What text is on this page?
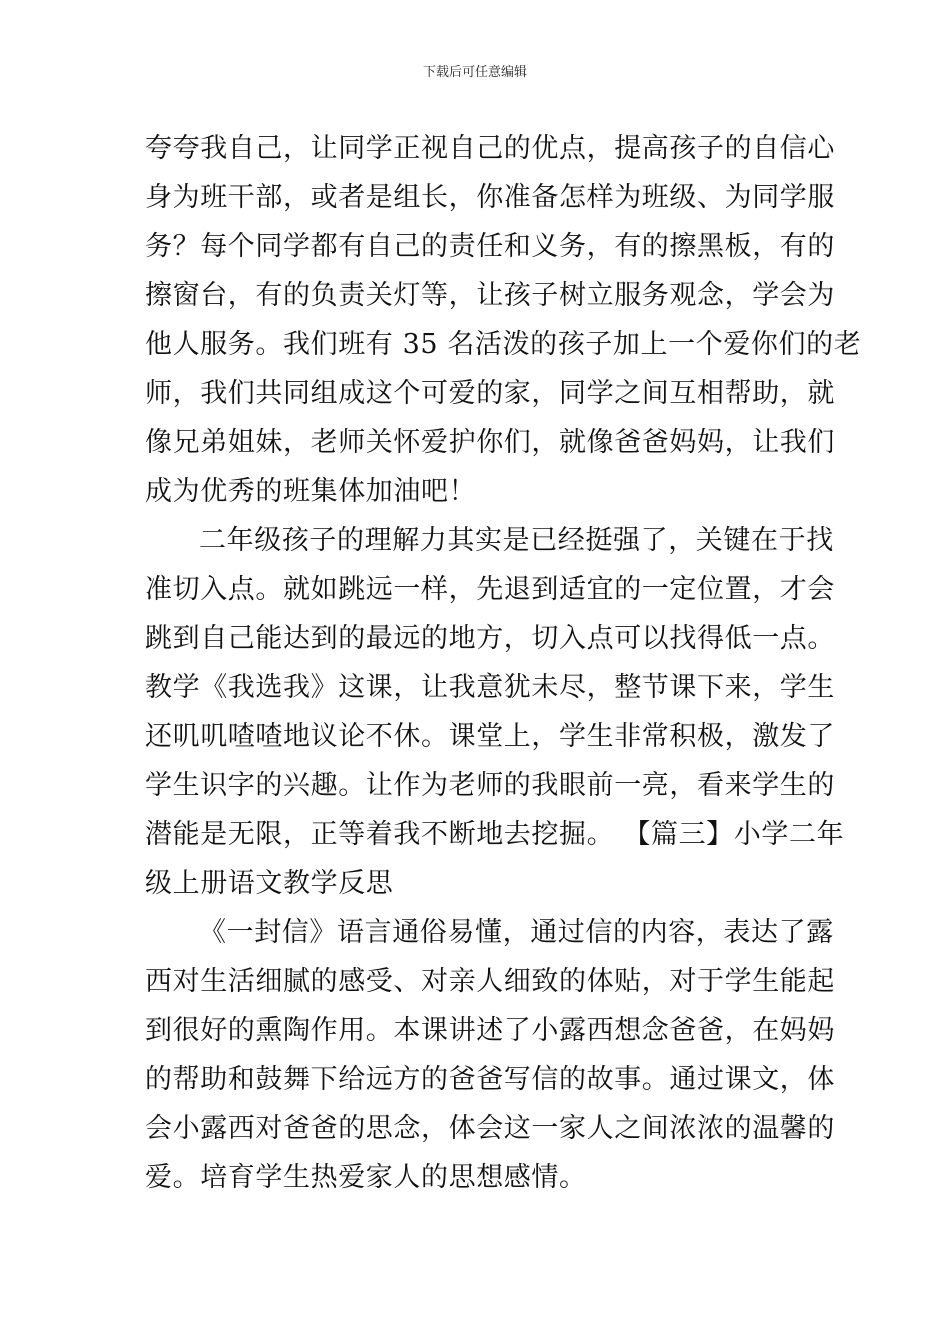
下载后可任意编辑
夸夸我自己，让同学正视自己的优点，提高孩子的自信心
身为班干部，或者是组长，你准备怎样为班级、为同学服
务？每个同学都有自己的责任和义务，有的擦黑板，有的
擦窗台，有的负责关灯等，让孩子树立服务观念，学会为
他人服务。我们班有 35 名活泼的孩子加上一个爱你们的老
师，我们共同组成这个可爱的家，同学之间互相帮助，就
像兄弟姐妹，老师关怀爱护你们，就像爸爸妈妈，让我们
成为优秀的班集体加油吧！
二年级孩子的理解力其实是已经挺强了，关键在于找
准切入点。就如跳远一样，先退到适宜的一定位置，才会
跳到自己能达到的最远的地方，切入点可以找得低一点。
教学《我选我》这课，让我意犹未尽，整节课下来，学生
还叽叽喳喳地议论不休。课堂上，学生非常积极，激发了
学生识字的兴趣。让作为老师的我眼前一亮，看来学生的
潜能是无限，正等着我不断地去挖掘。 【篇三】小学二年
级上册语文教学反思
《一封信》语言通俗易懂，通过信的内容，表达了露
西对生活细腻的感受、对亲人细致的体贴，对于学生能起
到很好的熏陶作用。本课讲述了小露西想念爸爸，在妈妈
的帮助和鼓舞下给远方的爸爸写信的故事。通过课文，体
会小露西对爸爸的思念，体会这一家人之间浓浓的温馨的
爱。培育学生热爱家人的思想感情。
